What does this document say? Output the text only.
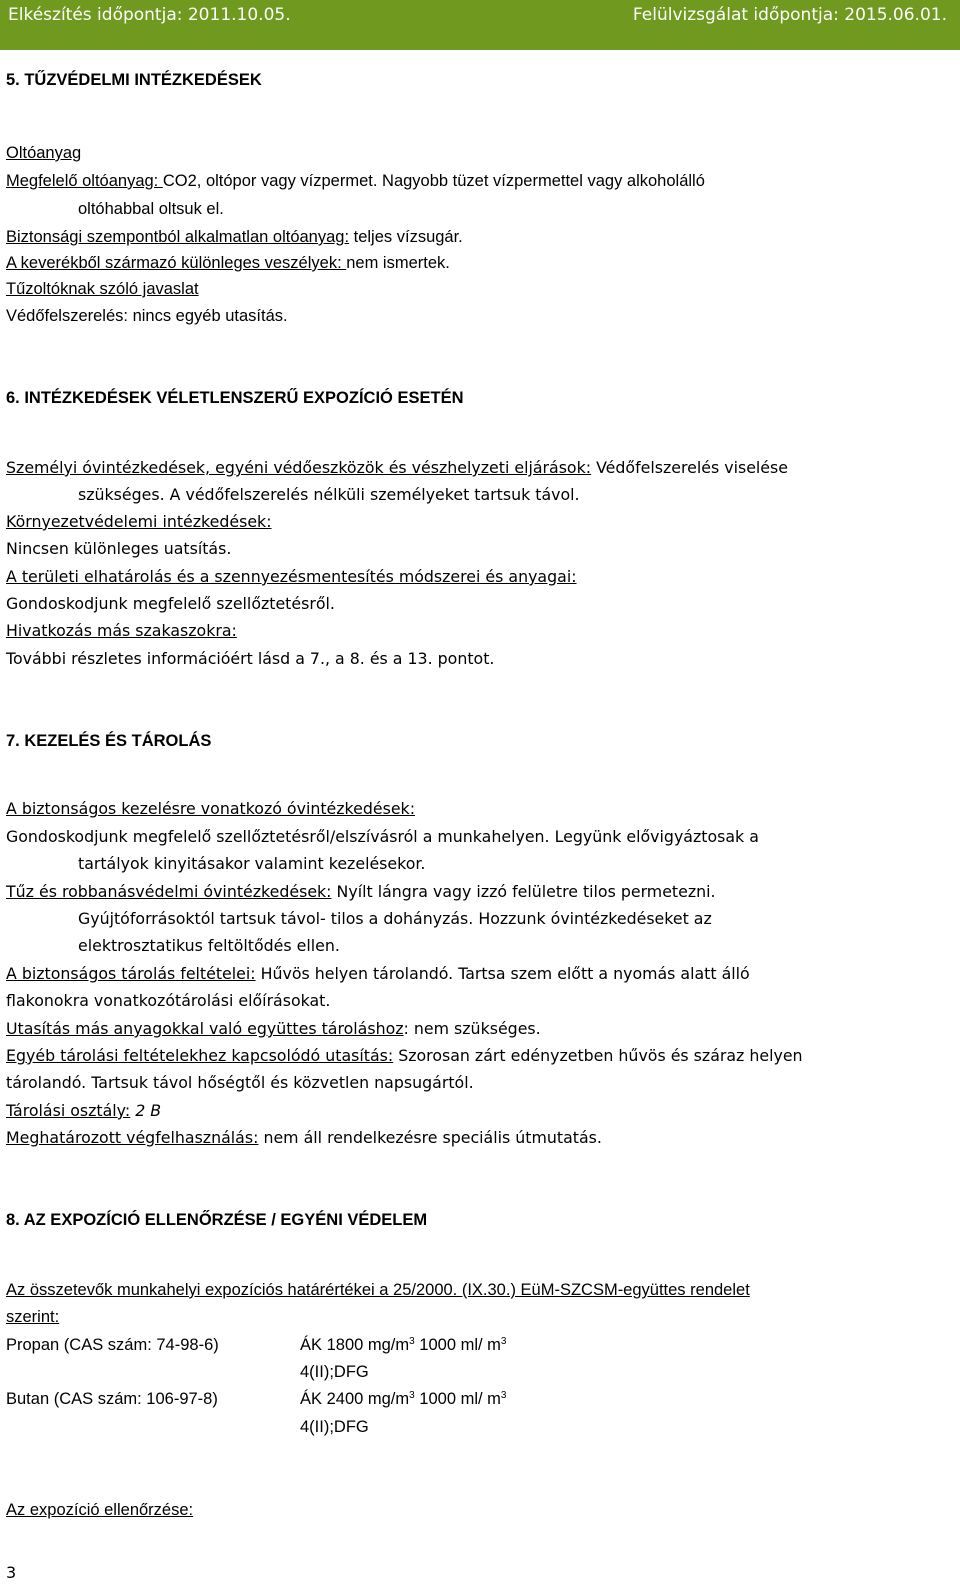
Elkészítés időpontja: 2011.10.05.	Felülvizsgálat időpontja: 2015.06.01.
5. TŰZVÉDELMI INTÉZKEDÉSEK
Oltóanyag
Megfelelő oltóanyag: CO2, oltópor vagy vízpermet. Nagyobb tüzet vízpermettel vagy alkoholálló
oltóhabbal oltsuk el.
Biztonsági szempontból alkalmatlan oltóanyag: teljes vízsugár.
A keverékből származó különleges veszélyek: nem ismertek.
Tűzoltóknak szóló javaslat
Védőfelszerelés: nincs egyéb utasítás.
6. INTÉZKEDÉSEK VÉLETLENSZERŰ EXPOZÍCIÓ ESETÉN
Személyi óvintézkedések, egyéni védőeszközök és vészhelyzeti eljárások: Védőfelszerelés viselése
szükséges. A védőfelszerelés nélküli személyeket tartsuk távol.
Környezetvédelemi intézkedések:
Nincsen különleges uatsítás.
A területi elhatárolás és a szennyezésmentesítés módszerei és anyagai:
Gondoskodjunk megfelelő szellőztetésről.
Hivatkozás más szakaszokra:
További részletes információért lásd a 7., a 8. és a 13. pontot.
7. KEZELÉS ÉS TÁROLÁS
A biztonságos kezelésre vonatkozó óvintézkedések:
Gondoskodjunk megfelelő szellőztetésről/elszívásról a munkahelyen. Legyünk elővigyáztosak a
tartályok kinyitásakor valamint kezelésekor.
Tűz és robbanásvédelmi óvintézkedések: Nyílt lángra vagy izzó felületre tilos permetezni.
Gyújtóforrásoktól tartsuk távol- tilos a dohányzás. Hozzunk óvintézkedéseket az
elektrosztatikus feltöltődés ellen.
A biztonságos tárolás feltételei: Hűvös helyen tárolandó. Tartsa szem előtt a nyomás alatt álló
flakonokra vonatkozótárolási előírásokat.
Utasítás más anyagokkal való együttes tároláshoz: nem szükséges.
Egyéb tárolási feltételekhez kapcsolódó utasítás: Szorosan zárt edényzetben hűvös és száraz helyen
tárolandó. Tartsuk távol hőségtől és közvetlen napsugártól.
Tárolási osztály: 2 B
Meghatározott végfelhasználás: nem áll rendelkezésre speciális útmutatás.
8. AZ EXPOZÍCIÓ ELLENŐRZÉSE / EGYÉNI VÉDELEM
Az összetevők munkahelyi expozíciós határértékei a 25/2000. (IX.30.) EüM-SZCSM-együttes rendelet
szerint:
Propan (CAS szám: 74-98-6)	ÁK 1800 $mg/m^3$ 1000 ml/ $m^3$
4(II);DFG
Butan (CAS szám: 106-97-8)	ÁK 2400 $mg/m^3$ 1000 ml/ $m^3$
4(II);DFG
Az expozíció ellenőrzése:
3
